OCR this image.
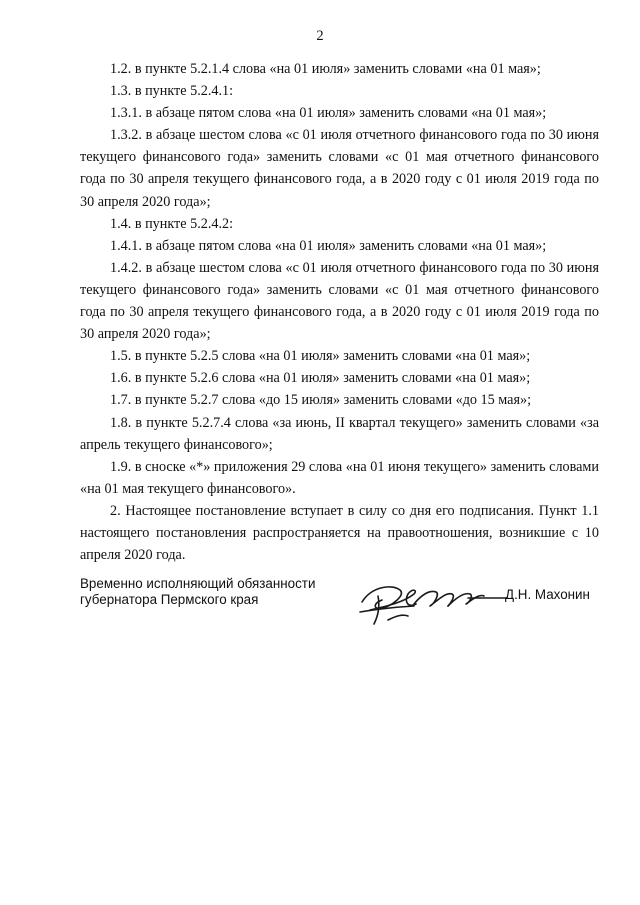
2

1.2. в пункте 5.2.1.4 слова «на 01 июля» заменить словами «на 01 мая»;

1.3. в пункте 5.2.4.1:

1.3.1. в абзаце пятом слова «на 01 июля» заменить словами «на 01 мая»;

1.3.2. в абзаце шестом слова «с 01 июля отчетного финансового года по 30 июня текущего финансового года» заменить словами «с 01 мая отчетного финансового года по 30 апреля текущего финансового года, а в 2020 году с 01 июля 2019 года по 30 апреля 2020 года»;

1.4. в пункте 5.2.4.2:

1.4.1. в абзаце пятом слова «на 01 июля» заменить словами «на 01 мая»;

1.4.2. в абзаце шестом слова «с 01 июля отчетного финансового года по 30 июня текущего финансового года» заменить словами «с 01 мая отчетного финансового года по 30 апреля текущего финансового года, а в 2020 году с 01 июля 2019 года по 30 апреля 2020 года»;

1.5. в пункте 5.2.5 слова «на 01 июля» заменить словами «на 01 мая»;

1.6. в пункте 5.2.6 слова «на 01 июля» заменить словами «на 01 мая»;

1.7. в пункте 5.2.7 слова «до 15 июля» заменить словами «до 15 мая»;

1.8. в пункте 5.2.7.4 слова «за июнь, II квартал текущего» заменить словами «за апрель текущего финансового»;

1.9. в сноске «*» приложения 29 слова «на 01 июня текущего» заменить словами «на 01 мая текущего финансового».

2. Настоящее постановление вступает в силу со дня его подписания. Пункт 1.1 настоящего постановления распространяется на правоотношения, возникшие с 10 апреля 2020 года.

Временно исполняющий обязанности
губернатора Пермского края	Д.Н. Махонин
